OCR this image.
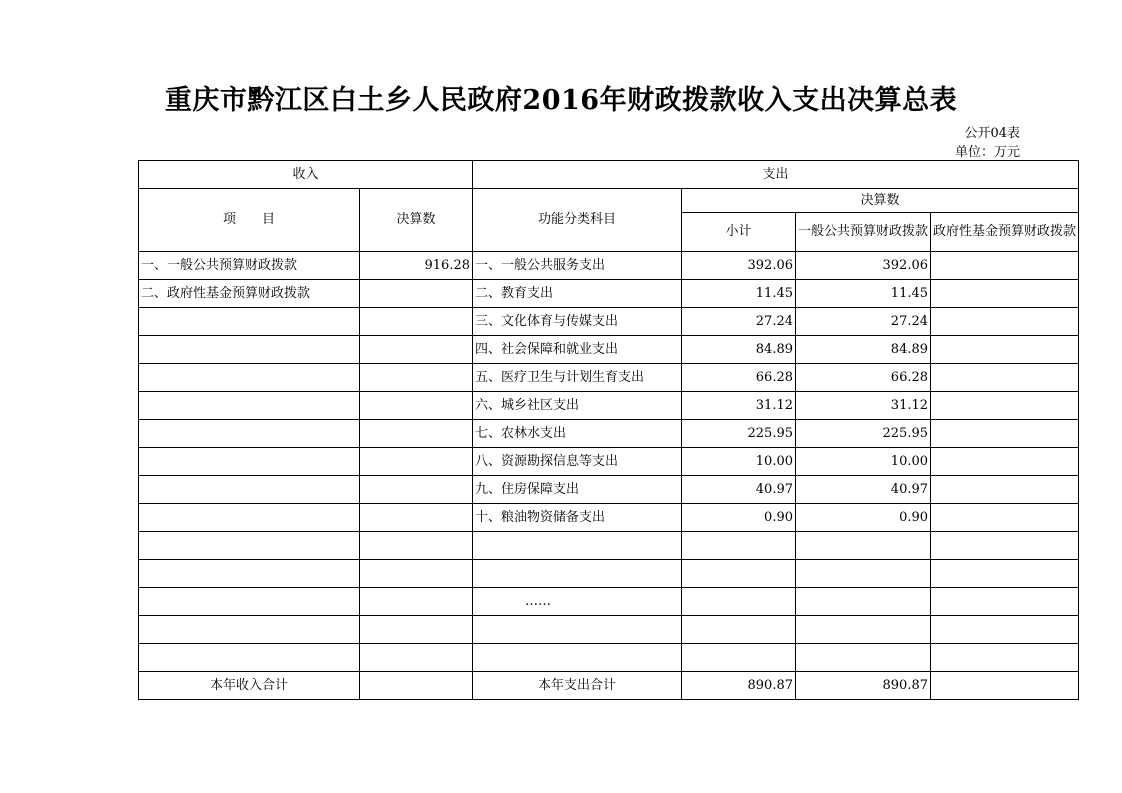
重庆市黔江区白土乡人民政府2016年财政拨款收入支出决算总表
公开04表
单位：万元
收入		支出			
项　　目	决算数	功能分类科目	决算数		
			小计	一般公共预算财政拨款	政府性基金预算财政拨款
一、一般公共预算财政拨款	916.28	一、一般公共服务支出	392.06	392.06	
二、政府性基金预算财政拨款		二、教育支出	11.45	11.45	
		三、文化体育与传媒支出	27.24	27.24	
		四、社会保障和就业支出	84.89	84.89	
		五、医疗卫生与计划生育支出	66.28	66.28	
		六、城乡社区支出	31.12	31.12	
		七、农林水支出	225.95	225.95	
		八、资源勘探信息等支出	10.00	10.00	
		九、住房保障支出	40.97	40.97	
		十、粮油物资储备支出	0.90	0.90	

		……			

本年收入合计		本年支出合计	890.87	890.87	
